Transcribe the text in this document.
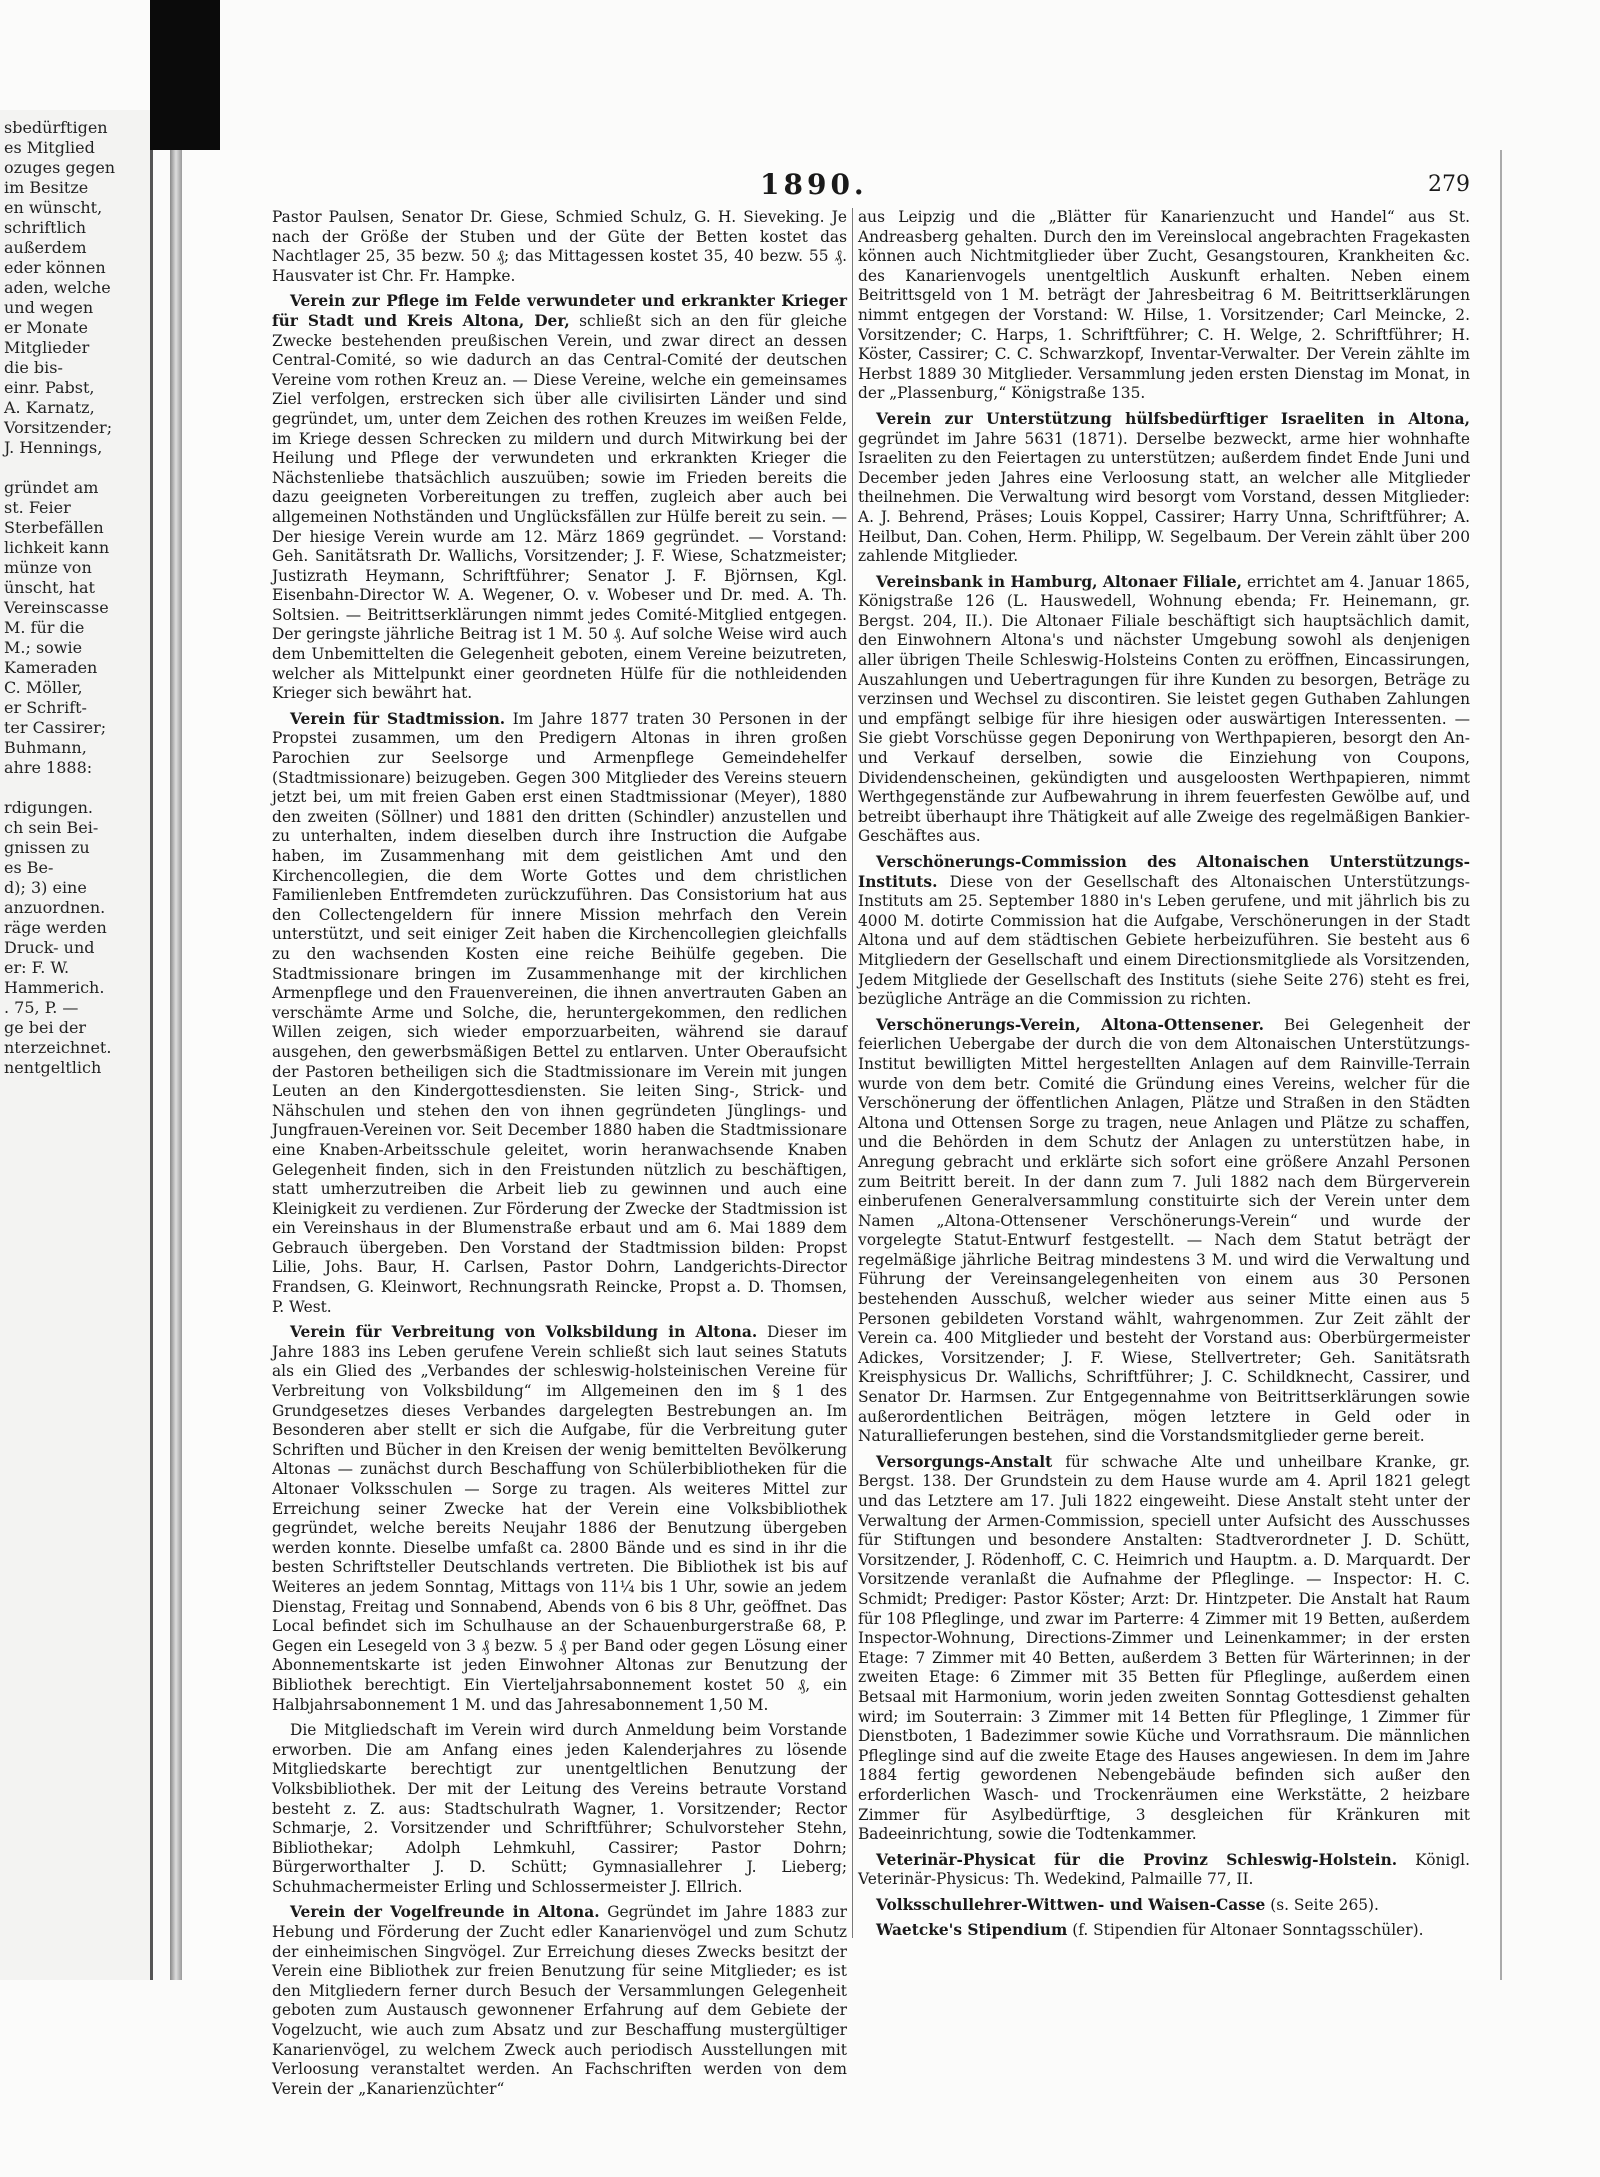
sbedürftigen
es Mitglied
ozuges gegen
im Besitze
en wünscht,
schriftlich
außerdem
eder können
aden, welche
und wegen
er Monate
Mitglieder
die bis-
einr. Pabst,
A. Karnatz,
Vorsitzender;
J. Hennings,
gründet am
st. Feier
Sterbefällen
lichkeit kann
münze von
ünscht, hat
Vereinscasse
M. für die
M.; sowie
Kameraden
C. Möller,
er Schrift-
ter Cassirer;
Buhmann,
ahre 1888:
rdigungen.
ch sein Bei-
gnissen zu
es Be-
d); 3) eine
anzuordnen.
räge werden
Druck- und
er: F. W.
Hammerich.
. 75, P. —
ge bei der
nterzeichnet.
nentgeltlich
1890.	279

Pastor Paulsen, Senator Dr. Giese, Schmied Schulz, G. H. Sieveking. Je nach der Größe der Stuben und der Güte der Betten kostet das Nachtlager 25, 35 bezw. 50 ₰; das Mittagessen kostet 35, 40 bezw. 55 ₰. Hausvater ist Chr. Fr. Hampke.

Verein zur Pflege im Felde verwundeter und erkrankter Krieger für Stadt und Kreis Altona, Der, schließt sich an den für gleiche Zwecke bestehenden preußischen Verein, und zwar direct an dessen Central-Comité, so wie dadurch an das Central-Comité der deutschen Vereine vom rothen Kreuz an. — Diese Vereine, welche ein gemeinsames Ziel verfolgen, erstrecken sich über alle civilisirten Länder und sind gegründet, um, unter dem Zeichen des rothen Kreuzes im weißen Felde, im Kriege dessen Schrecken zu mildern und durch Mitwirkung bei der Heilung und Pflege der verwundeten und erkrankten Krieger die Nächstenliebe thatsächlich auszuüben; sowie im Frieden bereits die dazu geeigneten Vorbereitungen zu treffen, zugleich aber auch bei allgemeinen Nothständen und Unglücksfällen zur Hülfe bereit zu sein. — Der hiesige Verein wurde am 12. März 1869 gegründet. — Vorstand: Geh. Sanitätsrath Dr. Wallichs, Vorsitzender; J. F. Wiese, Schatzmeister; Justizrath Heymann, Schriftführer; Senator J. F. Björnsen, Kgl. Eisenbahn-Director W. A. Wegener, O. v. Wobeser und Dr. med. A. Th. Soltsien. — Beitrittserklärungen nimmt jedes Comité-Mitglied entgegen. Der geringste jährliche Beitrag ist 1 M. 50 ₰. Auf solche Weise wird auch dem Unbemittelten die Gelegenheit geboten, einem Vereine beizutreten, welcher als Mittelpunkt einer geordneten Hülfe für die nothleidenden Krieger sich bewährt hat.

Verein für Stadtmission. Im Jahre 1877 traten 30 Personen in der Propstei zusammen, um den Predigern Altonas in ihren großen Parochien zur Seelsorge und Armenpflege Gemeindehelfer (Stadtmissionare) beizugeben. Gegen 300 Mitglieder des Vereins steuern jetzt bei, um mit freien Gaben erst einen Stadtmissionar (Meyer), 1880 den zweiten (Söllner) und 1881 den dritten (Schindler) anzustellen und zu unterhalten, indem dieselben durch ihre Instruction die Aufgabe haben, im Zusammenhang mit dem geistlichen Amt und den Kirchencollegien, die dem Worte Gottes und dem christlichen Familienleben Entfremdeten zurückzuführen. Das Consistorium hat aus den Collectengeldern für innere Mission mehrfach den Verein unterstützt, und seit einiger Zeit haben die Kirchencollegien gleichfalls zu den wachsenden Kosten eine reiche Beihülfe gegeben. Die Stadtmissionare bringen im Zusammenhange mit der kirchlichen Armenpflege und den Frauenvereinen, die ihnen anvertrauten Gaben an verschämte Arme und Solche, die, heruntergekommen, den redlichen Willen zeigen, sich wieder emporzuarbeiten, während sie darauf ausgehen, den gewerbsmäßigen Bettel zu entlarven. Unter Oberaufsicht der Pastoren betheiligen sich die Stadtmissionare im Verein mit jungen Leuten an den Kindergottesdiensten. Sie leiten Sing-, Strick- und Nähschulen und stehen den von ihnen gegründeten Jünglings- und Jungfrauen-Vereinen vor. Seit December 1880 haben die Stadtmissionare eine Knaben-Arbeitsschule geleitet, worin heranwachsende Knaben Gelegenheit finden, sich in den Freistunden nützlich zu beschäftigen, statt umherzutreiben die Arbeit lieb zu gewinnen und auch eine Kleinigkeit zu verdienen. Zur Förderung der Zwecke der Stadtmission ist ein Vereinshaus in der Blumenstraße erbaut und am 6. Mai 1889 dem Gebrauch übergeben. Den Vorstand der Stadtmission bilden: Propst Lilie, Johs. Baur, H. Carlsen, Pastor Dohrn, Landgerichts-Director Frandsen, G. Kleinwort, Rechnungsrath Reincke, Propst a. D. Thomsen, P. West.

Verein für Verbreitung von Volksbildung in Altona. Dieser im Jahre 1883 ins Leben gerufene Verein schließt sich laut seines Statuts als ein Glied des „Verbandes der schleswig-holsteinischen Vereine für Verbreitung von Volksbildung“ im Allgemeinen den im § 1 des Grundgesetzes dieses Verbandes dargelegten Bestrebungen an. Im Besonderen aber stellt er sich die Aufgabe, für die Verbreitung guter Schriften und Bücher in den Kreisen der wenig bemittelten Bevölkerung Altonas — zunächst durch Beschaffung von Schülerbibliotheken für die Altonaer Volksschulen — Sorge zu tragen. Als weiteres Mittel zur Erreichung seiner Zwecke hat der Verein eine Volksbibliothek gegründet, welche bereits Neujahr 1886 der Benutzung übergeben werden konnte. Dieselbe umfaßt ca. 2800 Bände und es sind in ihr die besten Schriftsteller Deutschlands vertreten. Die Bibliothek ist bis auf Weiteres an jedem Sonntag, Mittags von 11¼ bis 1 Uhr, sowie an jedem Dienstag, Freitag und Sonnabend, Abends von 6 bis 8 Uhr, geöffnet. Das Local befindet sich im Schulhause an der Schauenburgerstraße 68, P. Gegen ein Lesegeld von 3 ₰ bezw. 5 ₰ per Band oder gegen Lösung einer Abonnementskarte ist jeden Einwohner Altonas zur Benutzung der Bibliothek berechtigt. Ein Vierteljahrsabonnement kostet 50 ₰, ein Halbjahrsabonnement 1 M. und das Jahresabonnement 1,50 M.

Die Mitgliedschaft im Verein wird durch Anmeldung beim Vorstande erworben. Die am Anfang eines jeden Kalenderjahres zu lösende Mitgliedskarte berechtigt zur unentgeltlichen Benutzung der Volksbibliothek. Der mit der Leitung des Vereins betraute Vorstand besteht z. Z. aus: Stadtschulrath Wagner, 1. Vorsitzender; Rector Schmarje, 2. Vorsitzender und Schriftführer; Schulvorsteher Stehn, Bibliothekar; Adolph Lehmkuhl, Cassirer; Pastor Dohrn; Bürgerworthalter J. D. Schütt; Gymnasiallehrer J. Lieberg; Schuhmachermeister Erling und Schlossermeister J. Ellrich.

Verein der Vogelfreunde in Altona. Gegründet im Jahre 1883 zur Hebung und Förderung der Zucht edler Kanarienvögel und zum Schutz der einheimischen Singvögel. Zur Erreichung dieses Zwecks besitzt der Verein eine Bibliothek zur freien Benutzung für seine Mitglieder; es ist den Mitgliedern ferner durch Besuch der Versammlungen Gelegenheit geboten zum Austausch gewonnener Erfahrung auf dem Gebiete der Vogelzucht, wie auch zum Absatz und zur Beschaffung mustergültiger Kanarienvögel, zu welchem Zweck auch periodisch Ausstellungen mit Verloosung veranstaltet werden. An Fachschriften werden von dem Verein der „Kanarienzüchter“

aus Leipzig und die „Blätter für Kanarienzucht und Handel“ aus St. Andreasberg gehalten. Durch den im Vereinslocal angebrachten Fragekasten können auch Nichtmitglieder über Zucht, Gesangstouren, Krankheiten &c. des Kanarienvogels unentgeltlich Auskunft erhalten. Neben einem Beitrittsgeld von 1 M. beträgt der Jahresbeitrag 6 M. Beitrittserklärungen nimmt entgegen der Vorstand: W. Hilse, 1. Vorsitzender; Carl Meincke, 2. Vorsitzender; C. Harps, 1. Schriftführer; C. H. Welge, 2. Schriftführer; H. Köster, Cassirer; C. C. Schwarzkopf, Inventar-Verwalter. Der Verein zählte im Herbst 1889 30 Mitglieder. Versammlung jeden ersten Dienstag im Monat, in der „Plassenburg,“ Königstraße 135.

Verein zur Unterstützung hülfsbedürftiger Israeliten in Altona, gegründet im Jahre 5631 (1871). Derselbe bezweckt, arme hier wohnhafte Israeliten zu den Feiertagen zu unterstützen; außerdem findet Ende Juni und December jeden Jahres eine Verloosung statt, an welcher alle Mitglieder theilnehmen. Die Verwaltung wird besorgt vom Vorstand, dessen Mitglieder: A. J. Behrend, Präses; Louis Koppel, Cassirer; Harry Unna, Schriftführer; A. Heilbut, Dan. Cohen, Herm. Philipp, W. Segelbaum. Der Verein zählt über 200 zahlende Mitglieder.

Vereinsbank in Hamburg, Altonaer Filiale, errichtet am 4. Januar 1865, Königstraße 126 (L. Hauswedell, Wohnung ebenda; Fr. Heinemann, gr. Bergst. 204, II.). Die Altonaer Filiale beschäftigt sich hauptsächlich damit, den Einwohnern Altona's und nächster Umgebung sowohl als denjenigen aller übrigen Theile Schleswig-Holsteins Conten zu eröffnen, Eincassirungen, Auszahlungen und Uebertragungen für ihre Kunden zu besorgen, Beträge zu verzinsen und Wechsel zu discontiren. Sie leistet gegen Guthaben Zahlungen und empfängt selbige für ihre hiesigen oder auswärtigen Interessenten. — Sie giebt Vorschüsse gegen Deponirung von Werthpapieren, besorgt den An- und Verkauf derselben, sowie die Einziehung von Coupons, Dividendenscheinen, gekündigten und ausgeloosten Werthpapieren, nimmt Werthgegenstände zur Aufbewahrung in ihrem feuerfesten Gewölbe auf, und betreibt überhaupt ihre Thätigkeit auf alle Zweige des regelmäßigen Bankier-Geschäftes aus.

Verschönerungs-Commission des Altonaischen Unterstützungs-Instituts. Diese von der Gesellschaft des Altonaischen Unterstützungs-Instituts am 25. September 1880 in's Leben gerufene, und mit jährlich bis zu 4000 M. dotirte Commission hat die Aufgabe, Verschönerungen in der Stadt Altona und auf dem städtischen Gebiete herbeizuführen. Sie besteht aus 6 Mitgliedern der Gesellschaft und einem Directionsmitgliede als Vorsitzenden, Jedem Mitgliede der Gesellschaft des Instituts (siehe Seite 276) steht es frei, bezügliche Anträge an die Commission zu richten.

Verschönerungs-Verein, Altona-Ottensener. Bei Gelegenheit der feierlichen Uebergabe der durch die von dem Altonaischen Unterstützungs-Institut bewilligten Mittel hergestellten Anlagen auf dem Rainville-Terrain wurde von dem betr. Comité die Gründung eines Vereins, welcher für die Verschönerung der öffentlichen Anlagen, Plätze und Straßen in den Städten Altona und Ottensen Sorge zu tragen, neue Anlagen und Plätze zu schaffen, und die Behörden in dem Schutz der Anlagen zu unterstützen habe, in Anregung gebracht und erklärte sich sofort eine größere Anzahl Personen zum Beitritt bereit. In der dann zum 7. Juli 1882 nach dem Bürgerverein einberufenen Generalversammlung constituirte sich der Verein unter dem Namen „Altona-Ottensener Verschönerungs-Verein“ und wurde der vorgelegte Statut-Entwurf festgestellt. — Nach dem Statut beträgt der regelmäßige jährliche Beitrag mindestens 3 M. und wird die Verwaltung und Führung der Vereinsangelegenheiten von einem aus 30 Personen bestehenden Ausschuß, welcher wieder aus seiner Mitte einen aus 5 Personen gebildeten Vorstand wählt, wahrgenommen. Zur Zeit zählt der Verein ca. 400 Mitglieder und besteht der Vorstand aus: Oberbürgermeister Adickes, Vorsitzender; J. F. Wiese, Stellvertreter; Geh. Sanitätsrath Kreisphysicus Dr. Wallichs, Schriftführer; J. C. Schildknecht, Cassirer, und Senator Dr. Harmsen. Zur Entgegennahme von Beitrittserklärungen sowie außerordentlichen Beiträgen, mögen letztere in Geld oder in Naturallieferungen bestehen, sind die Vorstandsmitglieder gerne bereit.

Versorgungs-Anstalt für schwache Alte und unheilbare Kranke, gr. Bergst. 138. Der Grundstein zu dem Hause wurde am 4. April 1821 gelegt und das Letztere am 17. Juli 1822 eingeweiht. Diese Anstalt steht unter der Verwaltung der Armen-Commission, speciell unter Aufsicht des Ausschusses für Stiftungen und besondere Anstalten: Stadtverordneter J. D. Schütt, Vorsitzender, J. Rödenhoff, C. C. Heimrich und Hauptm. a. D. Marquardt. Der Vorsitzende veranlaßt die Aufnahme der Pfleglinge. — Inspector: H. C. Schmidt; Prediger: Pastor Köster; Arzt: Dr. Hintzpeter. Die Anstalt hat Raum für 108 Pfleglinge, und zwar im Parterre: 4 Zimmer mit 19 Betten, außerdem Inspector-Wohnung, Directions-Zimmer und Leinenkammer; in der ersten Etage: 7 Zimmer mit 40 Betten, außerdem 3 Betten für Wärterinnen; in der zweiten Etage: 6 Zimmer mit 35 Betten für Pfleglinge, außerdem einen Betsaal mit Harmonium, worin jeden zweiten Sonntag Gottesdienst gehalten wird; im Souterrain: 3 Zimmer mit 14 Betten für Pfleglinge, 1 Zimmer für Dienstboten, 1 Badezimmer sowie Küche und Vorrathsraum. Die männlichen Pfleglinge sind auf die zweite Etage des Hauses angewiesen. In dem im Jahre 1884 fertig gewordenen Nebengebäude befinden sich außer den erforderlichen Wasch- und Trockenräumen eine Werkstätte, 2 heizbare Zimmer für Asylbedürftige, 3 desgleichen für Kränkuren mit Badeeinrichtung, sowie die Todtenkammer.

Veterinär-Physicat für die Provinz Schleswig-Holstein. Königl. Veterinär-Physicus: Th. Wedekind, Palmaille 77, II.

Volksschullehrer-Wittwen- und Waisen-Casse (s. Seite 265).

Waetcke's Stipendium (f. Stipendien für Altonaer Sonntagsschüler).
